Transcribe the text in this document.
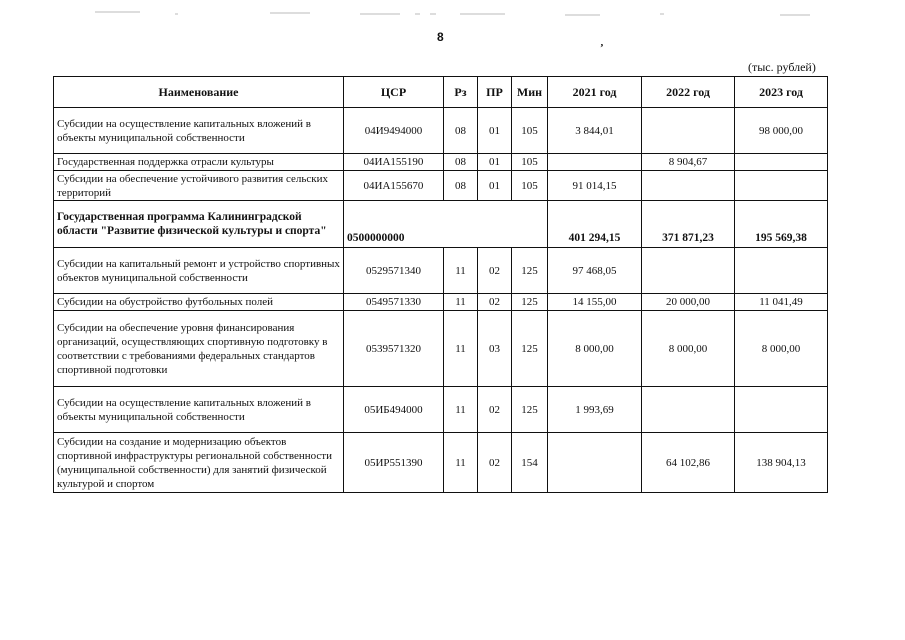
8
’
(тыс. рублей)
Наименование	ЦСР	Рз	ПР	Мин	2021 год	2022 год	2023 год
Субсидии на осуществление капитальных вложений в объекты муниципальной собственности	04И9494000	08	01	105	3 844,01		98 000,00
Государственная поддержка отрасли культуры	04ИА155190	08	01	105		8 904,67	
Субсидии на обеспечение устойчивого развития сельских территорий	04ИА155670	08	01	105	91 014,15		
Государственная программа Калининградской области "Развитие физической культуры и спорта"	0500000000				401 294,15	371 871,23	195 569,38
Субсидии на капитальный ремонт и устройство спортивных объектов муниципальной собственности	0529571340	11	02	125	97 468,05		
Субсидии на обустройство футбольных полей	0549571330	11	02	125	14 155,00	20 000,00	11 041,49
Субсидии на обеспечение уровня финансирования организаций, осуществляющих спортивную подготовку в соответствии с требованиями федеральных стандартов спортивной подготовки	0539571320	11	03	125	8 000,00	8 000,00	8 000,00
Субсидии на осуществление капитальных вложений в объекты муниципальной собственности	05ИБ494000	11	02	125	1 993,69		
Субсидии на создание и модернизацию объектов спортивной инфраструктуры региональной собственности (муниципальной собственности) для занятий физической культурой и спортом	05ИР551390	11	02	154		64 102,86	138 904,13
